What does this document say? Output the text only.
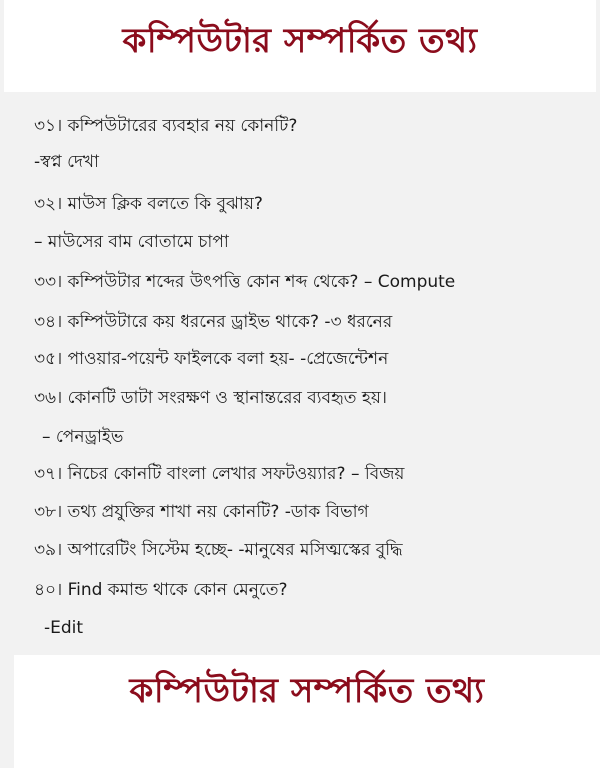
কম্পিউটার সম্পর্কিত তথ্য
৩১। কম্পিউটারের ব্যবহার নয় কোনটি?
-স্বপ্ন দেখা
৩২। মাউস ক্লিক বলতে কি বুঝায়?
– মাউসের বাম বোতামে চাপা
৩৩। কম্পিউটার শব্দের উৎপত্তি কোন শব্দ থেকে? – Compute
৩৪। কম্পিউটারে কয় ধরনের ড্রাইভ থাকে? -৩ ধরনের
৩৫। পাওয়ার-পয়েন্ট ফাইলকে বলা হয়- -প্রেজেন্টেশন
৩৬। কোনটি ডাটা সংরক্ষণ ও স্থানান্তরের ব্যবহৃত হয়।
– পেনড্রাইভ
৩৭। নিচের কোনটি বাংলা লেখার সফটওয়্যার? – বিজয়
৩৮। তথ্য প্রযুক্তির শাখা নয় কোনটি? -ডাক বিভাগ
৩৯। অপারেটিং সিস্টেম হচ্ছে- -মানুষের মসিত্মস্কের বুদ্ধি
৪০। Find কমান্ড থাকে কোন মেনুতে?
-Edit
কম্পিউটার সম্পর্কিত তথ্য
